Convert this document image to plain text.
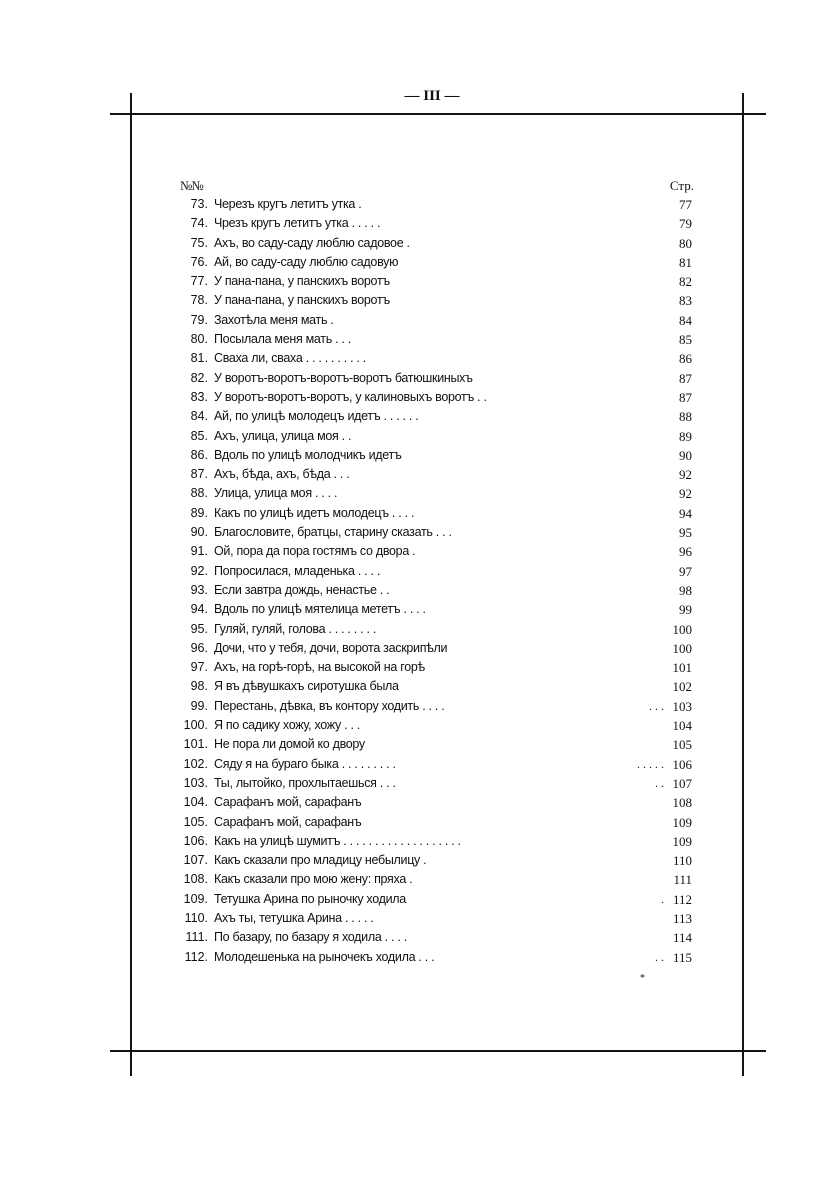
— III —
№№	Стр.
73. Черезъ кругъ летитъ утка .	77
74. Чрезъ кругъ летитъ утка . . . . .	79
75. Ахъ, во саду-саду люблю садовое .	80
76. Ай, во саду-саду люблю садовую	81
77. У пана-пана, у панскихъ воротъ	82
78. У пана-пана, у панскихъ воротъ	83
79. Захотѣла меня мать .	84
80. Посылала меня мать . . .	85
81. Сваха ли, сваха . . . . . . . . . .	86
82. У воротъ-воротъ-воротъ-воротъ батюшкиныхъ	87
83. У воротъ-воротъ-воротъ, у калиновыхъ воротъ . .	87
84. Ай, по улицѣ молодецъ идетъ . . . . . .	88
85. Ахъ, улица, улица моя . .	89
86. Вдоль по улицѣ молодчикъ идетъ	90
87. Ахъ, бѣда, ахъ, бѣда . . .	92
88. Улица, улица моя . . . .	92
89. Какъ по улицѣ идетъ молодецъ . . . .	94
90. Благословите, братцы, старину сказать . . .	95
91. Ой, пора да пора гостямъ со двора .	96
92. Попросилася, младенька . . . .	97
93. Если завтра дождь, ненастье . .	98
94. Вдоль по улицѣ мятелица мететъ . . . .	99
95. Гуляй, гуляй, голова . . . . . . . .	100
96. Дочи, что у тебя, дочи, ворота заскрипѣли	100
97. Ахъ, на горѣ-горѣ, на высокой на горѣ	101
98. Я въ дѣвушкахъ сиротушка была	102
99. Перестань, дѣвка, въ контору ходить . . . .	. . . 103
100. Я по садику хожу, хожу . . .	104
101. Не пора ли домой ко двору	105
102. Сяду я на бураго быка . . . . . . . . .	. . . . . 106
103. Ты, лытойко, прохлытаешься . . .	. . 107
104. Сарафанъ мой, сарафанъ	108
105. Сарафанъ мой, сарафанъ	109
106. Какъ на улицѣ шумитъ . . . . . . . . . . . . . . . . . . .	109
107. Какъ сказали про младицу небылицу .	110
108. Какъ сказали про мою жену: пряха .	111
109. Тетушка Арина по рыночку ходила	. 112
110. Ахъ ты, тетушка Арина . . . . .	113
111. По базару, по базару я ходила . . . .	114
112. Молодешенька на рыночекъ ходила . . .	. . 115
*
